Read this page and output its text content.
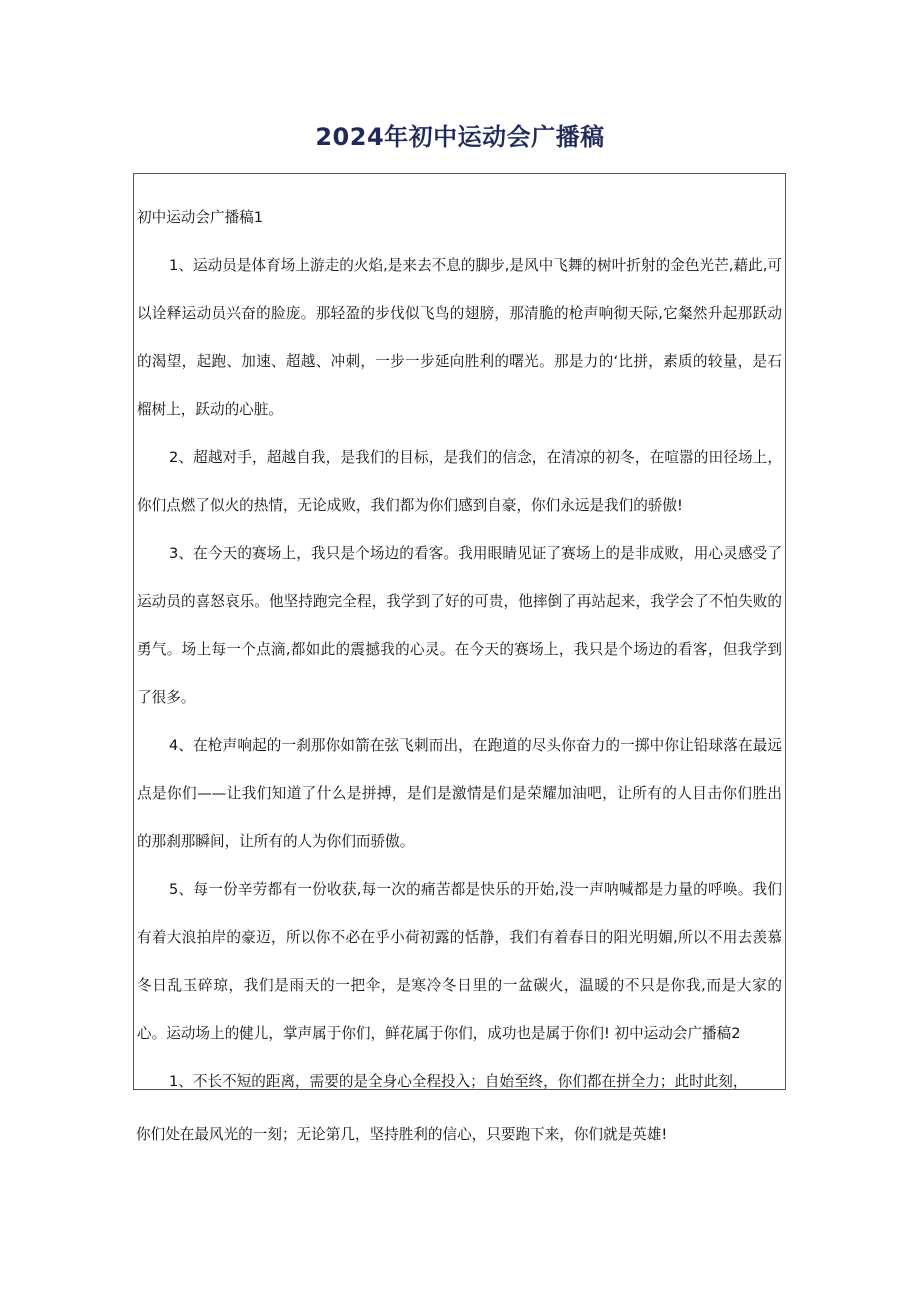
2024年初中运动会广播稿
初中运动会广播稿1
1、运动员是体育场上游走的火焰,是来去不息的脚步,是风中飞舞的树叶折射的金色光芒,藉此,可
以诠释运动员兴奋的脸庞。那轻盈的步伐似飞鸟的翅膀，那清脆的枪声响彻天际,它粲然升起那跃动
的渴望，起跑、加速、超越、冲刺，一步一步延向胜利的曙光。那是力的‘比拼，素质的较量，是石
榴树上，跃动的心脏。
2、超越对手，超越自我，是我们的目标，是我们的信念，在清凉的初冬，在喧嚣的田径场上，
你们点燃了似火的热情，无论成败，我们都为你们感到自豪，你们永远是我们的骄傲!
3、在今天的赛场上，我只是个场边的看客。我用眼睛见证了赛场上的是非成败，用心灵感受了
运动员的喜怒哀乐。他坚持跑完全程，我学到了好的可贵，他摔倒了再站起来，我学会了不怕失败的
勇气。场上每一个点滴,都如此的震撼我的心灵。在今天的赛场上，我只是个场边的看客，但我学到
了很多。
4、在枪声响起的一刹那你如箭在弦飞刺而出，在跑道的尽头你奋力的一掷中你让铅球落在最远
点是你们——让我们知道了什么是拼搏，是们是激情是们是荣耀加油吧，让所有的人目击你们胜出
的那刹那瞬间，让所有的人为你们而骄傲。
5、每一份辛劳都有一份收获,每一次的痛苦都是快乐的开始,没一声呐喊都是力量的呼唤。我们
有着大浪拍岸的豪迈，所以你不必在乎小荷初露的恬静，我们有着春日的阳光明媚,所以不用去羡慕
冬日乱玉碎琼，我们是雨天的一把伞，是寒冷冬日里的一盆碳火，温暖的不只是你我,而是大家的
心。运动场上的健儿，掌声属于你们，鲜花属于你们，成功也是属于你们! 初中运动会广播稿2
1、不长不短的距离，需要的是全身心全程投入；自始至终，你们都在拼全力；此时此刻，
你们处在最风光的一刻；无论第几，坚持胜利的信心，只要跑下来，你们就是英雄!
